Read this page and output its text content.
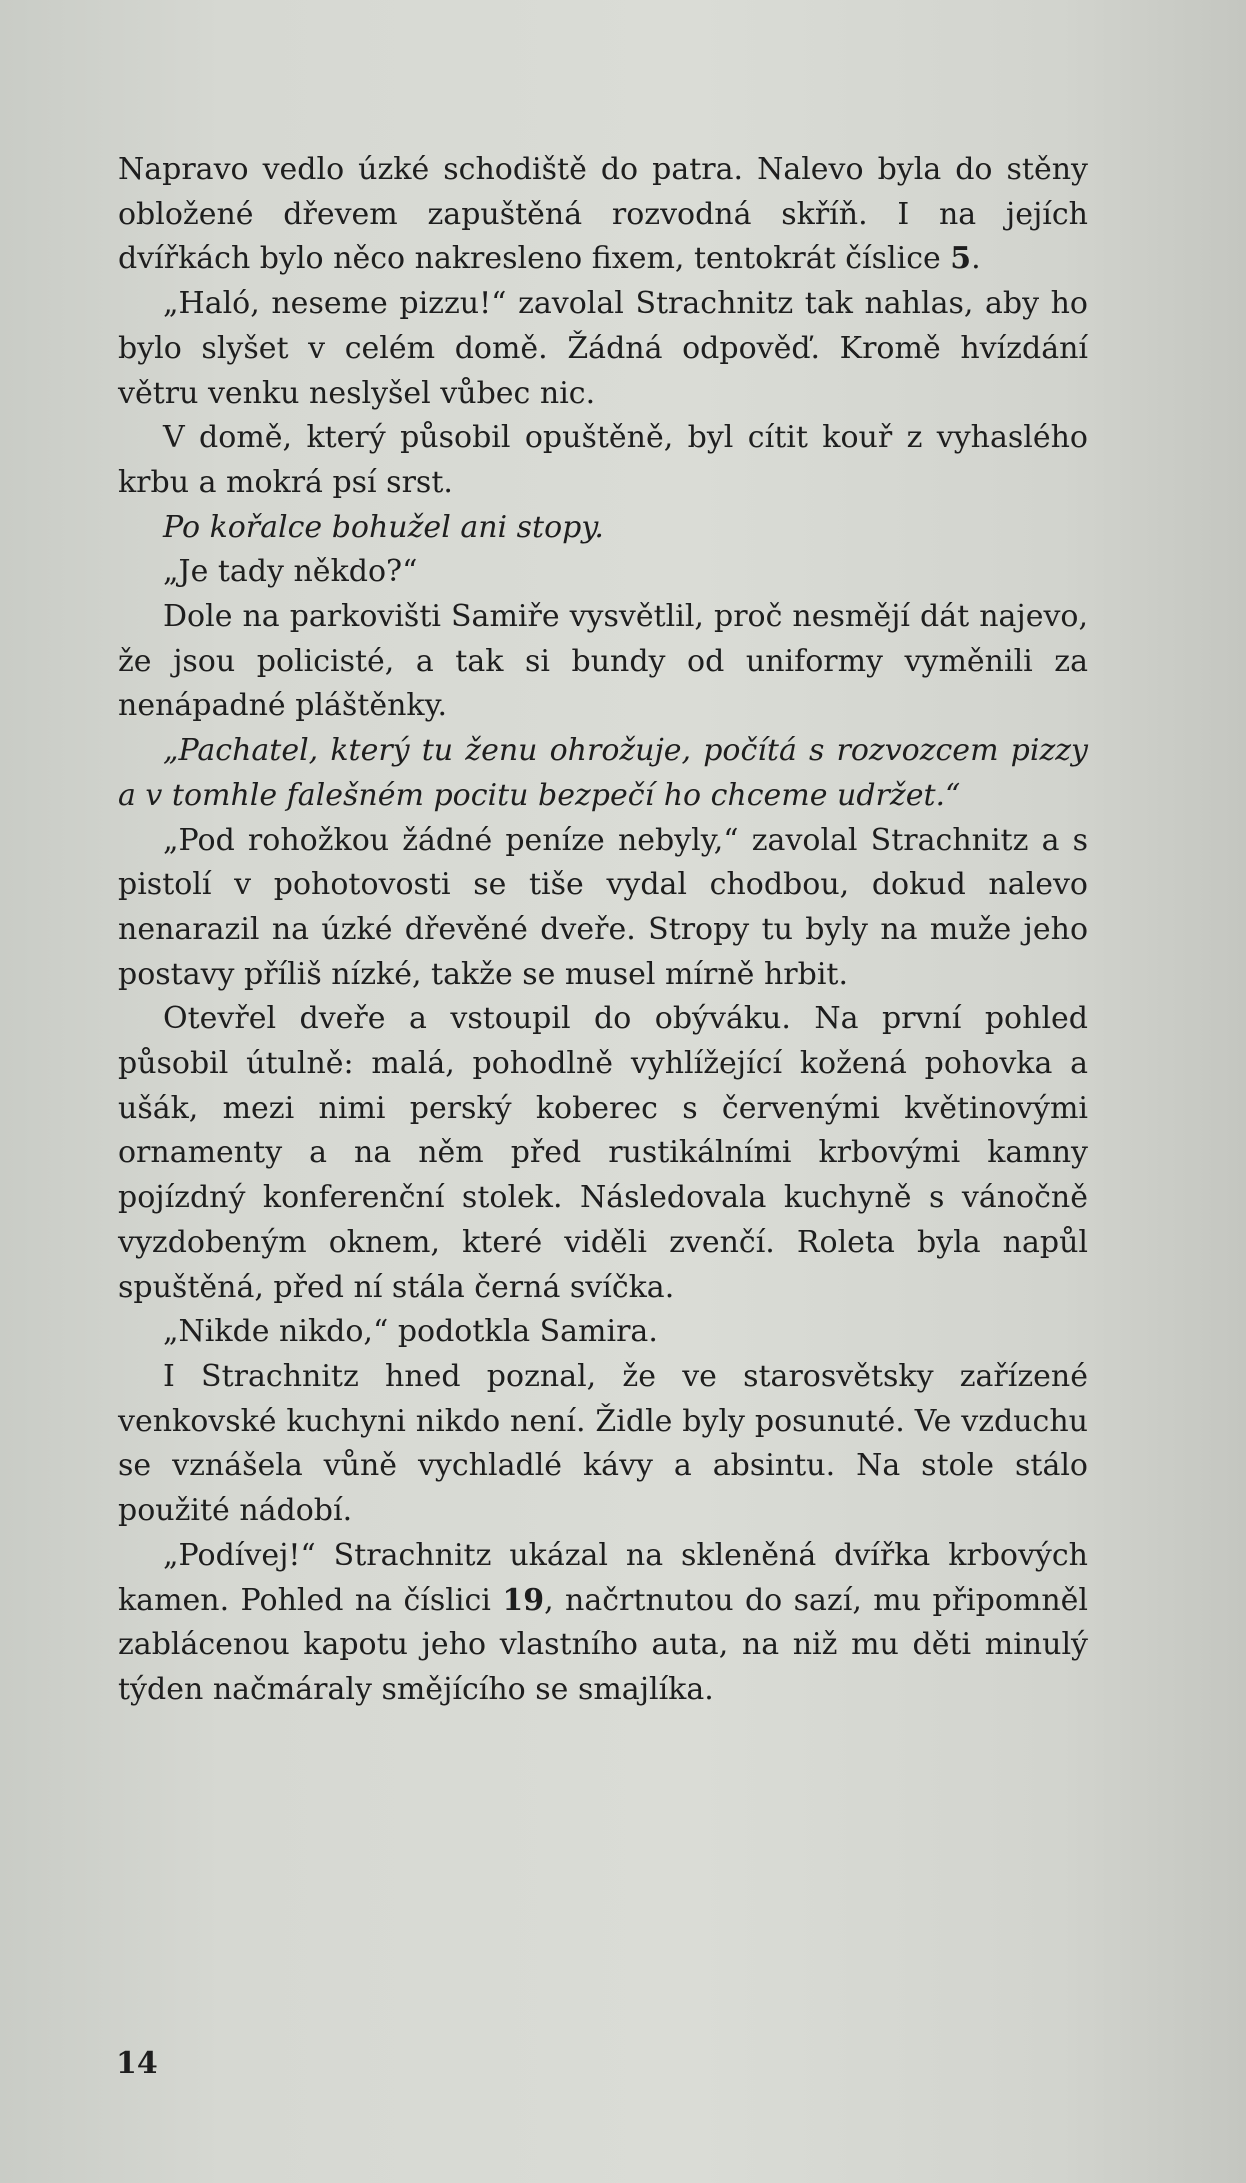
Napravo vedlo úzké schodiště do patra. Nalevo byla do stěny obložené dřevem zapuštěná rozvodná skříň. I na jejích dvířkách bylo něco nakresleno fixem, tentokrát číslice 5.

„Haló, neseme pizzu!“ zavolal Strachnitz tak nahlas, aby ho bylo slyšet v celém domě. Žádná odpověď. Kromě hvízdání větru venku neslyšel vůbec nic.

V domě, který působil opuštěně, byl cítit kouř z vyhaslého krbu a mokrá psí srst.

Po kořalce bohužel ani stopy.

„Je tady někdo?“

Dole na parkovišti Samiře vysvětlil, proč nesmějí dát najevo, že jsou policisté, a tak si bundy od uniformy vyměnili za nenápadné pláštěnky.

„Pachatel, který tu ženu ohrožuje, počítá s rozvozcem pizzy a v tomhle falešném pocitu bezpečí ho chceme udržet.“

„Pod rohožkou žádné peníze nebyly,“ zavolal Strachnitz a s pistolí v pohotovosti se tiše vydal chodbou, dokud nalevo nenarazil na úzké dřevěné dveře. Stropy tu byly na muže jeho postavy příliš nízké, takže se musel mírně hrbit.

Otevřel dveře a vstoupil do obýváku. Na první pohled působil útulně: malá, pohodlně vyhlížející kožená pohovka a ušák, mezi nimi perský koberec s červenými květinovými ornamenty a na něm před rustikálními krbovými kamny pojízdný konferenční stolek. Následovala kuchyně s vánočně vyzdobeným oknem, které viděli zvenčí. Roleta byla napůl spuštěná, před ní stála černá svíčka.

„Nikde nikdo,“ podotkla Samira.

I Strachnitz hned poznal, že ve starosvětsky zařízené venkovské kuchyni nikdo není. Židle byly posunuté. Ve vzduchu se vznášela vůně vychladlé kávy a absintu. Na stole stálo použité nádobí.

„Podívej!“ Strachnitz ukázal na skleněná dvířka krbových kamen. Pohled na číslici 19, načrtnutou do sazí, mu připomněl zablácenou kapotu jeho vlastního auta, na niž mu děti minulý týden načmáraly smějícího se smajlíka.

14
